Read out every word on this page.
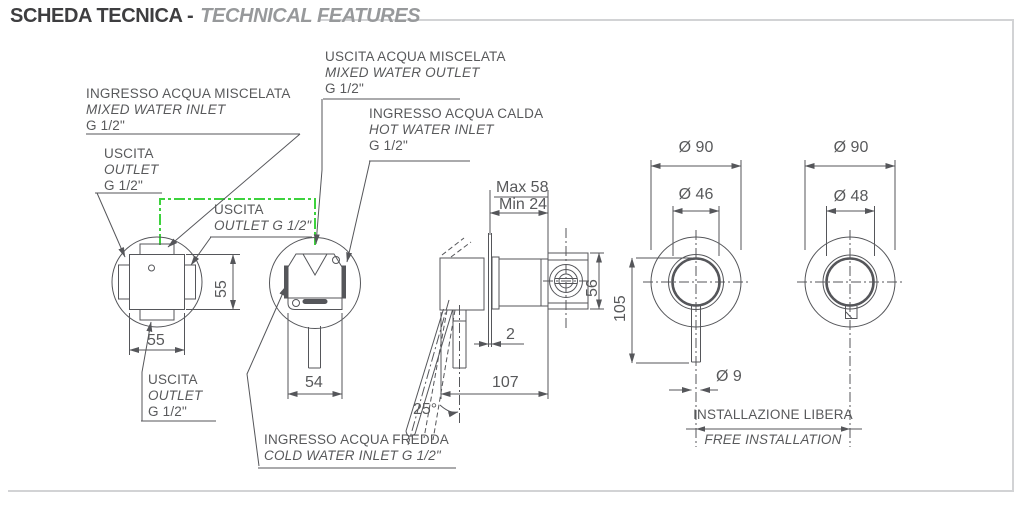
SCHEDA TECNICA - TECHNICAL FEATURES
INGRESSO ACQUA MISCELATA
MIXED WATER INLET
G 1/2"
USCITA ACQUA MISCELATA
MIXED WATER OUTLET
G 1/2"
INGRESSO ACQUA CALDA
HOT WATER INLET
G 1/2"
USCITA
OUTLET
G 1/2"
USCITA
OUTLET G 1/2"
USCITA
OUTLET
G 1/2"
INGRESSO ACQUA FREDDA
COLD WATER INLET G 1/2"
INSTALLAZIONE LIBERA
FREE INSTALLATION
55
55
54
Max 58
Min 24
2
56
107
25°
Ø 90
Ø 46
105
Ø 9
Ø 90
Ø 48
